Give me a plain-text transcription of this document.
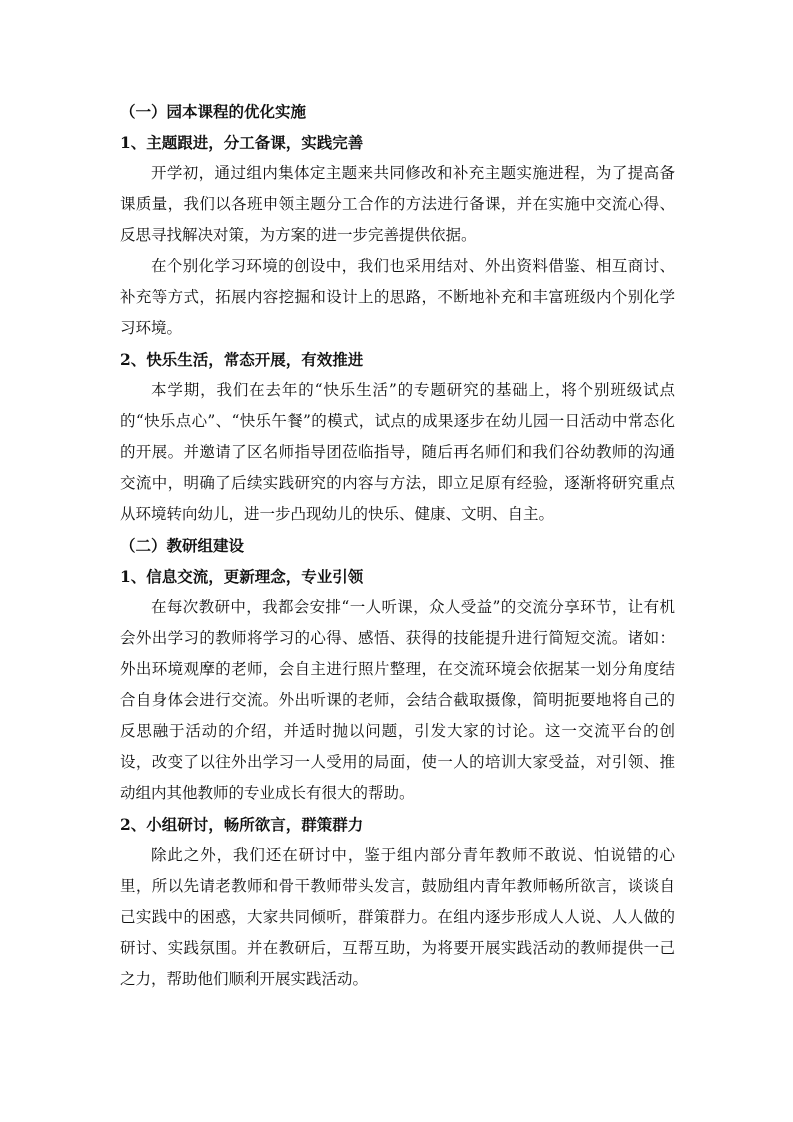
（一）园本课程的优化实施
1、主题跟进，分工备课，实践完善

开学初，通过组内集体定主题来共同修改和补充主题实施进程，为了提高备课质量，我们以各班申领主题分工合作的方法进行备课，并在实施中交流心得、反思寻找解决对策，为方案的进一步完善提供依据。

在个别化学习环境的创设中，我们也采用结对、外出资料借鉴、相互商讨、补充等方式，拓展内容挖掘和设计上的思路，不断地补充和丰富班级内个别化学习环境。

2、快乐生活，常态开展，有效推进

本学期，我们在去年的“快乐生活”的专题研究的基础上，将个别班级试点的“快乐点心”、“快乐午餐”的模式，试点的成果逐步在幼儿园一日活动中常态化的开展。并邀请了区名师指导团莅临指导，随后再名师们和我们谷幼教师的沟通交流中，明确了后续实践研究的内容与方法，即立足原有经验，逐渐将研究重点从环境转向幼儿，进一步凸现幼儿的快乐、健康、文明、自主。

（二）教研组建设
1、信息交流，更新理念，专业引领

在每次教研中，我都会安排“一人听课，众人受益”的交流分享环节，让有机会外出学习的教师将学习的心得、感悟、获得的技能提升进行简短交流。诸如：外出环境观摩的老师，会自主进行照片整理，在交流环境会依据某一划分角度结合自身体会进行交流。外出听课的老师，会结合截取摄像，简明扼要地将自己的反思融于活动的介绍，并适时抛以问题，引发大家的讨论。这一交流平台的创设，改变了以往外出学习一人受用的局面，使一人的培训大家受益，对引领、推动组内其他教师的专业成长有很大的帮助。

2、小组研讨，畅所欲言，群策群力

除此之外，我们还在研讨中，鉴于组内部分青年教师不敢说、怕说错的心里，所以先请老教师和骨干教师带头发言，鼓励组内青年教师畅所欲言，谈谈自己实践中的困惑，大家共同倾听，群策群力。在组内逐步形成人人说、人人做的研讨、实践氛围。并在教研后，互帮互助，为将要开展实践活动的教师提供一己之力，帮助他们顺利开展实践活动。
